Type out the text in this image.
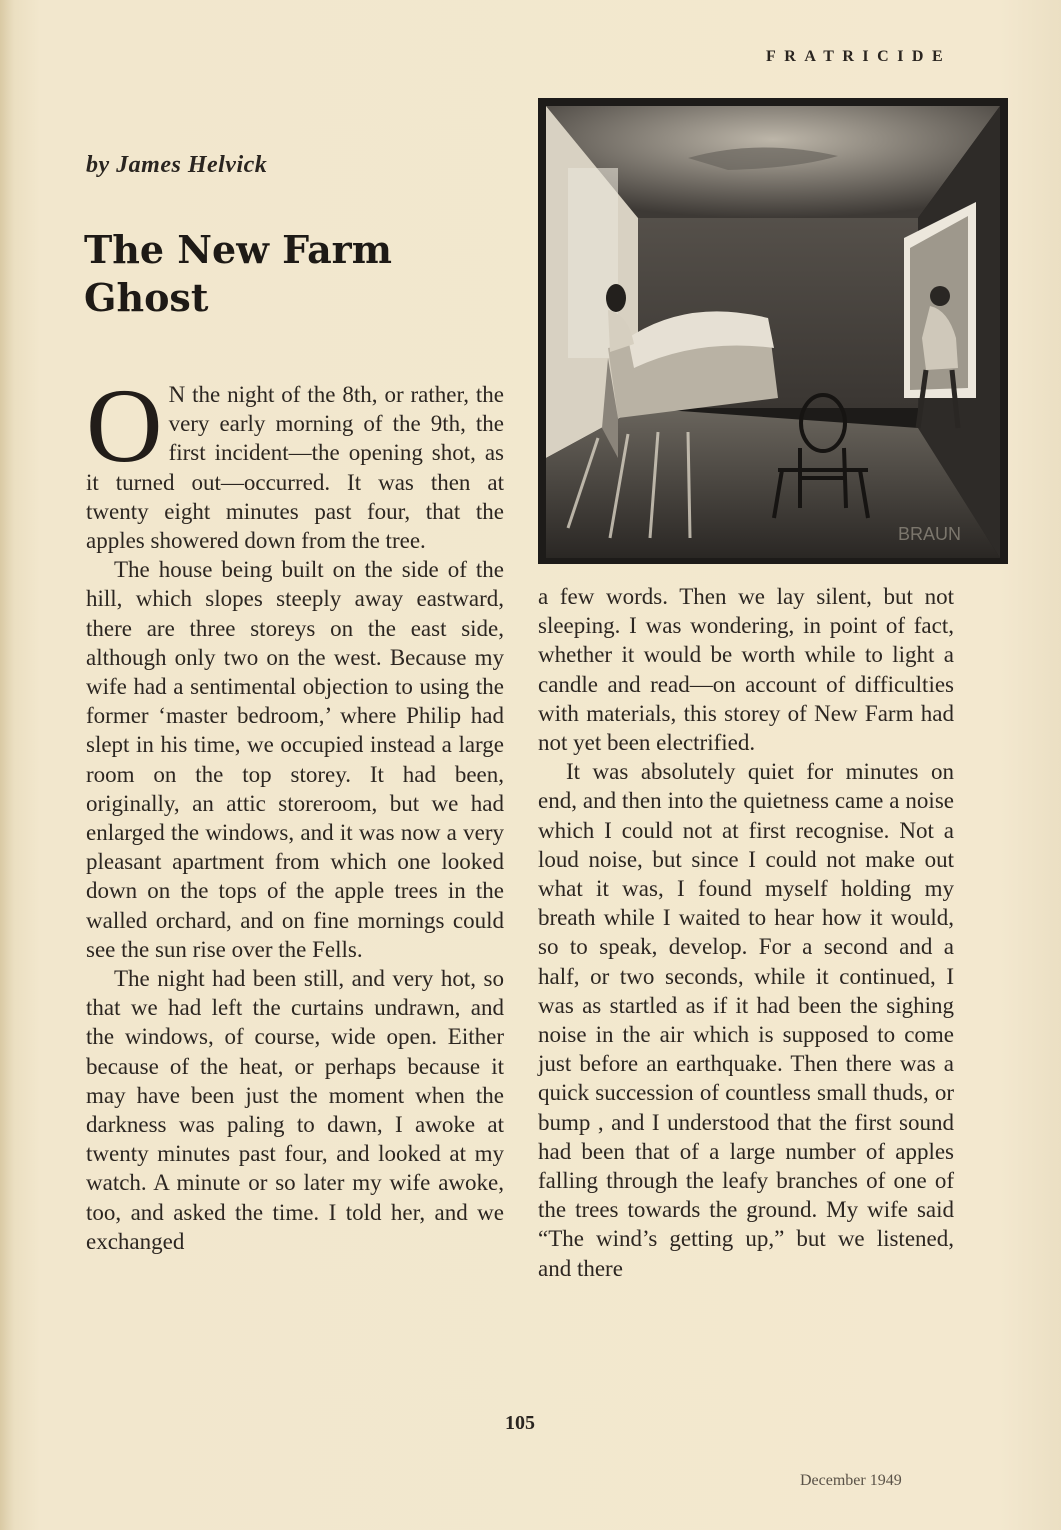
FRATRICIDE
by James Helvick
The New Farm Ghost
BRAUN

O N the night of the 8th, or rather, the very early morning of the 9th, the first incident—the opening shot, as it turned out—occurred. It was then at twenty eight minutes past four, that the apples showered down from the tree.

The house being built on the side of the hill, which slopes steeply away eastward, there are three storeys on the east side, although only two on the west. Because my wife had a sentimental objection to using the former ‘master bedroom,’ where Philip had slept in his time, we occupied instead a large room on the top storey. It had been, originally, an attic storeroom, but we had enlarged the windows, and it was now a very pleasant apartment from which one looked down on the tops of the apple trees in the walled orchard, and on fine mornings could see the sun rise over the Fells.

The night had been still, and very hot, so that we had left the curtains undrawn, and the windows, of course, wide open. Either because of the heat, or perhaps because it may have been just the moment when the darkness was paling to dawn, I awoke at twenty minutes past four, and looked at my watch. A minute or so later my wife awoke, too, and asked the time. I told her, and we exchanged

a few words. Then we lay silent, but not sleeping. I was wondering, in point of fact, whether it would be worth while to light a candle and read—on account of difficulties with materials, this storey of New Farm had not yet been electrified.

It was absolutely quiet for minutes on end, and then into the quietness came a noise which I could not at first recognise. Not a loud noise, but since I could not make out what it was, I found myself holding my breath while I waited to hear how it would, so to speak, develop. For a second and a half, or two seconds, while it continued, I was as startled as if it had been the sighing noise in the air which is supposed to come just before an earthquake. Then there was a quick succession of countless small thuds, or bump , and I understood that the first sound had been that of a large number of apples falling through the leafy branches of one of the trees towards the ground. My wife said “The wind’s getting up,” but we listened, and there

105
December 1949
